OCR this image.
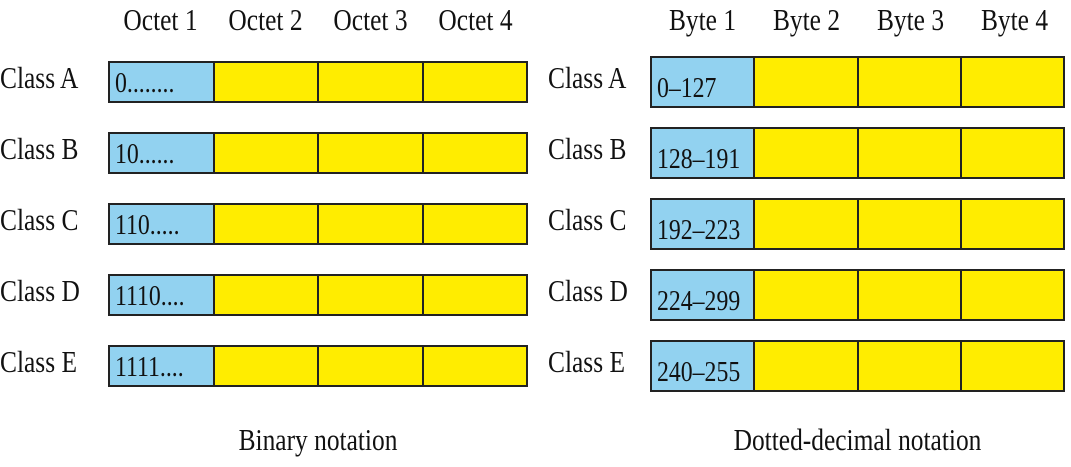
Octet 1 Octet 2 Octet 3 Octet 4
Class A 0........
Class B 10......
Class C 110.....
Class D 1110....
Class E 1111....
Binary notation
Byte 1	Byte 2	Byte 3	Byte 4
Class A 0–127
Class B 128–191
Class C 192–223
Class D 224–299
Class E 240–255
Dotted-decimal notation
